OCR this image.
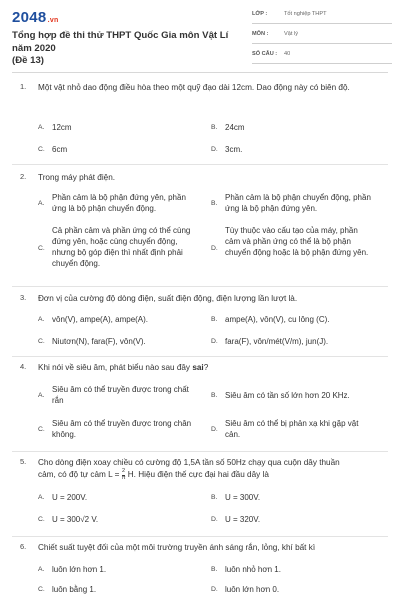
2048.vn
Tổng hợp đề thi thử THPT Quốc Gia môn Vật Lí năm 2020
(Đề 13)
LỚP :	Tốt nghiệp THPT
MÔN :	Vật lý
SỐ CÂU : 40
1. Một vật nhỏ dao động điều hòa theo một quỹ đạo dài 12cm. Dao động này có biên độ.
A. 12cm	B. 24cm
C. 6cm	D. 3cm.
2. Trong máy phát điện.
A.
Phần cảm là bộ phận đứng yên, phần ứng là bộ phận chuyển động.
B.
Phần cảm là bộ phận chuyển động, phần ứng là bộ phận đứng yên.
C.
Cả phần cảm và phần ứng có thể cùng đứng yên, hoặc cùng chuyển động, nhưng bộ góp điện thì nhất định phải chuyển động.
D.
Tùy thuộc vào cấu tạo của máy, phần cảm và phần ứng có thể là bộ phận chuyển động hoặc là bộ phận đứng yên.
3. Đơn vị của cường độ dòng điện, suất điện động, điện lượng lần lượt là.
A. vôn(V), ampe(A), ampe(A).	B. ampe(A), vôn(V), cu lông (C).
C. Niutơn(N), fara(F), vôn(V).	D. fara(F), vôn/mét(V/m), jun(J).
4. Khi nói về siêu âm, phát biểu nào sau đây sai?
A.
Siêu âm có thể truyền được trong chất rắn
B. Siêu âm có tần số lớn hơn 20 KHz.
C.
Siêu âm có thể truyền được trong chân không.
D.
Siêu âm có thể bị phản xạ khi gặp vật cản.
5. Cho dòng điện xoay chiều có cường độ 1,5A tần số 50Hz chạy qua cuộn dây thuần
cảm, có độ tự cảm $L = \frac{2}{\pi} H$. Hiệu điện thế cực đại hai đầu dây là
A. U = 200V.	B. U = 300V.
C. U = 300√2 V.	D. U = 320V.
6. Chiết suất tuyệt đối của một môi trường truyền ánh sáng rắn, lỏng, khí bất kì
A. luôn lớn hơn 1.	B. luôn nhỏ hơn 1.
C. luôn bằng 1.	D. luôn lớn hơn 0.
